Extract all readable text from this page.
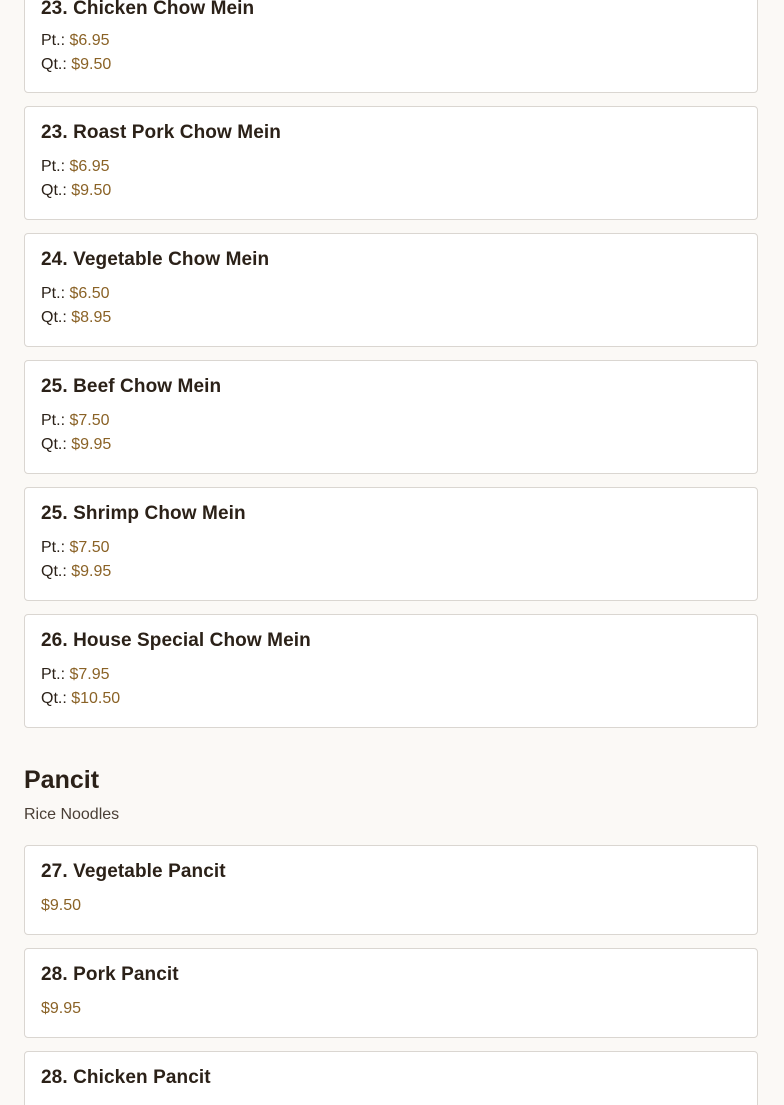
23. Chicken Chow Mein
Pt.: $6.95
Qt.: $9.50
23. Roast Pork Chow Mein
Pt.: $6.95
Qt.: $9.50
24. Vegetable Chow Mein
Pt.: $6.50
Qt.: $8.95
25. Beef Chow Mein
Pt.: $7.50
Qt.: $9.95
25. Shrimp Chow Mein
Pt.: $7.50
Qt.: $9.95
26. House Special Chow Mein
Pt.: $7.95
Qt.: $10.50
Pancit
Rice Noodles
27. Vegetable Pancit
$9.50
28. Pork Pancit
$9.95
28. Chicken Pancit
